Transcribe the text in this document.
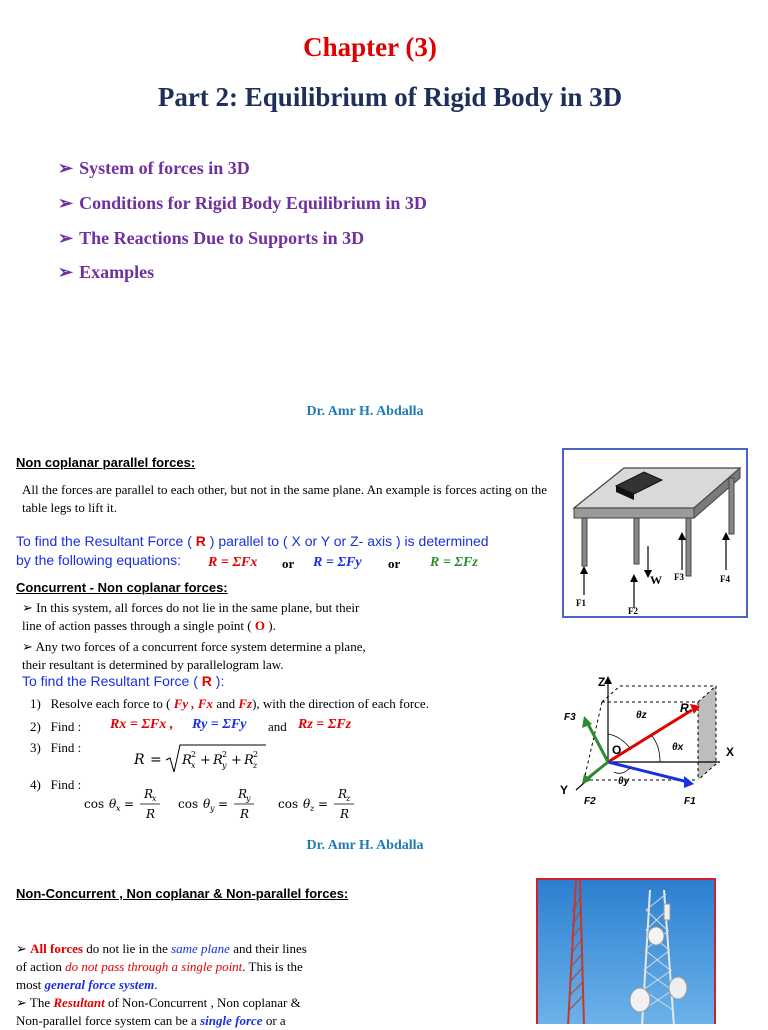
Chapter (3)
Part 2: Equilibrium of Rigid Body in 3D
➢ System of forces in 3D
➢ Conditions for Rigid Body Equilibrium in 3D
➢ The Reactions Due to Supports in 3D
➢ Examples
Dr. Amr H. Abdalla
Non coplanar parallel forces:
All the forces are parallel to each other, but not in the same plane. An example is forces acting on the table legs to lift it.
To find the Resultant Force ( R ) parallel to ( X or Y or Z- axis ) is determined
by the following equations: R = ΣFx or R = ΣFy or R = ΣFz
F1
F2
W F3	F4
Concurrent - Non coplanar forces:
➢ In this system, all forces do not lie in the same plane, but their
line of action passes through a single point ( O ).
➢ Any two forces of a concurrent force system determine a plane,
their resultant is determined by parallelogram law.
To find the Resultant Force ( R ):
1) Resolve each force to ( Fy , Fx and Fz), with the direction of each force.
2) Find : Rx = ΣFx , Ry = ΣFy and Rz = ΣFz
3) Find :
R = R 2
x + R 2
y + R 2
z
4) Find :
cos θ x =
R
x
R
cos θ y =
R
y
R
cos θ z =
R
z
R
Z
X
Y
O
R
F3
F2	F1
θz
θx
θy
Dr. Amr H. Abdalla
Non-Concurrent , Non coplanar & Non-parallel forces:
➢ All forces do not lie in the same plane and their lines
of action do not pass through a single point. This is the
most general force system.
➢ The Resultant of Non-Concurrent , Non coplanar &
Non-parallel force system can be a single force or a
